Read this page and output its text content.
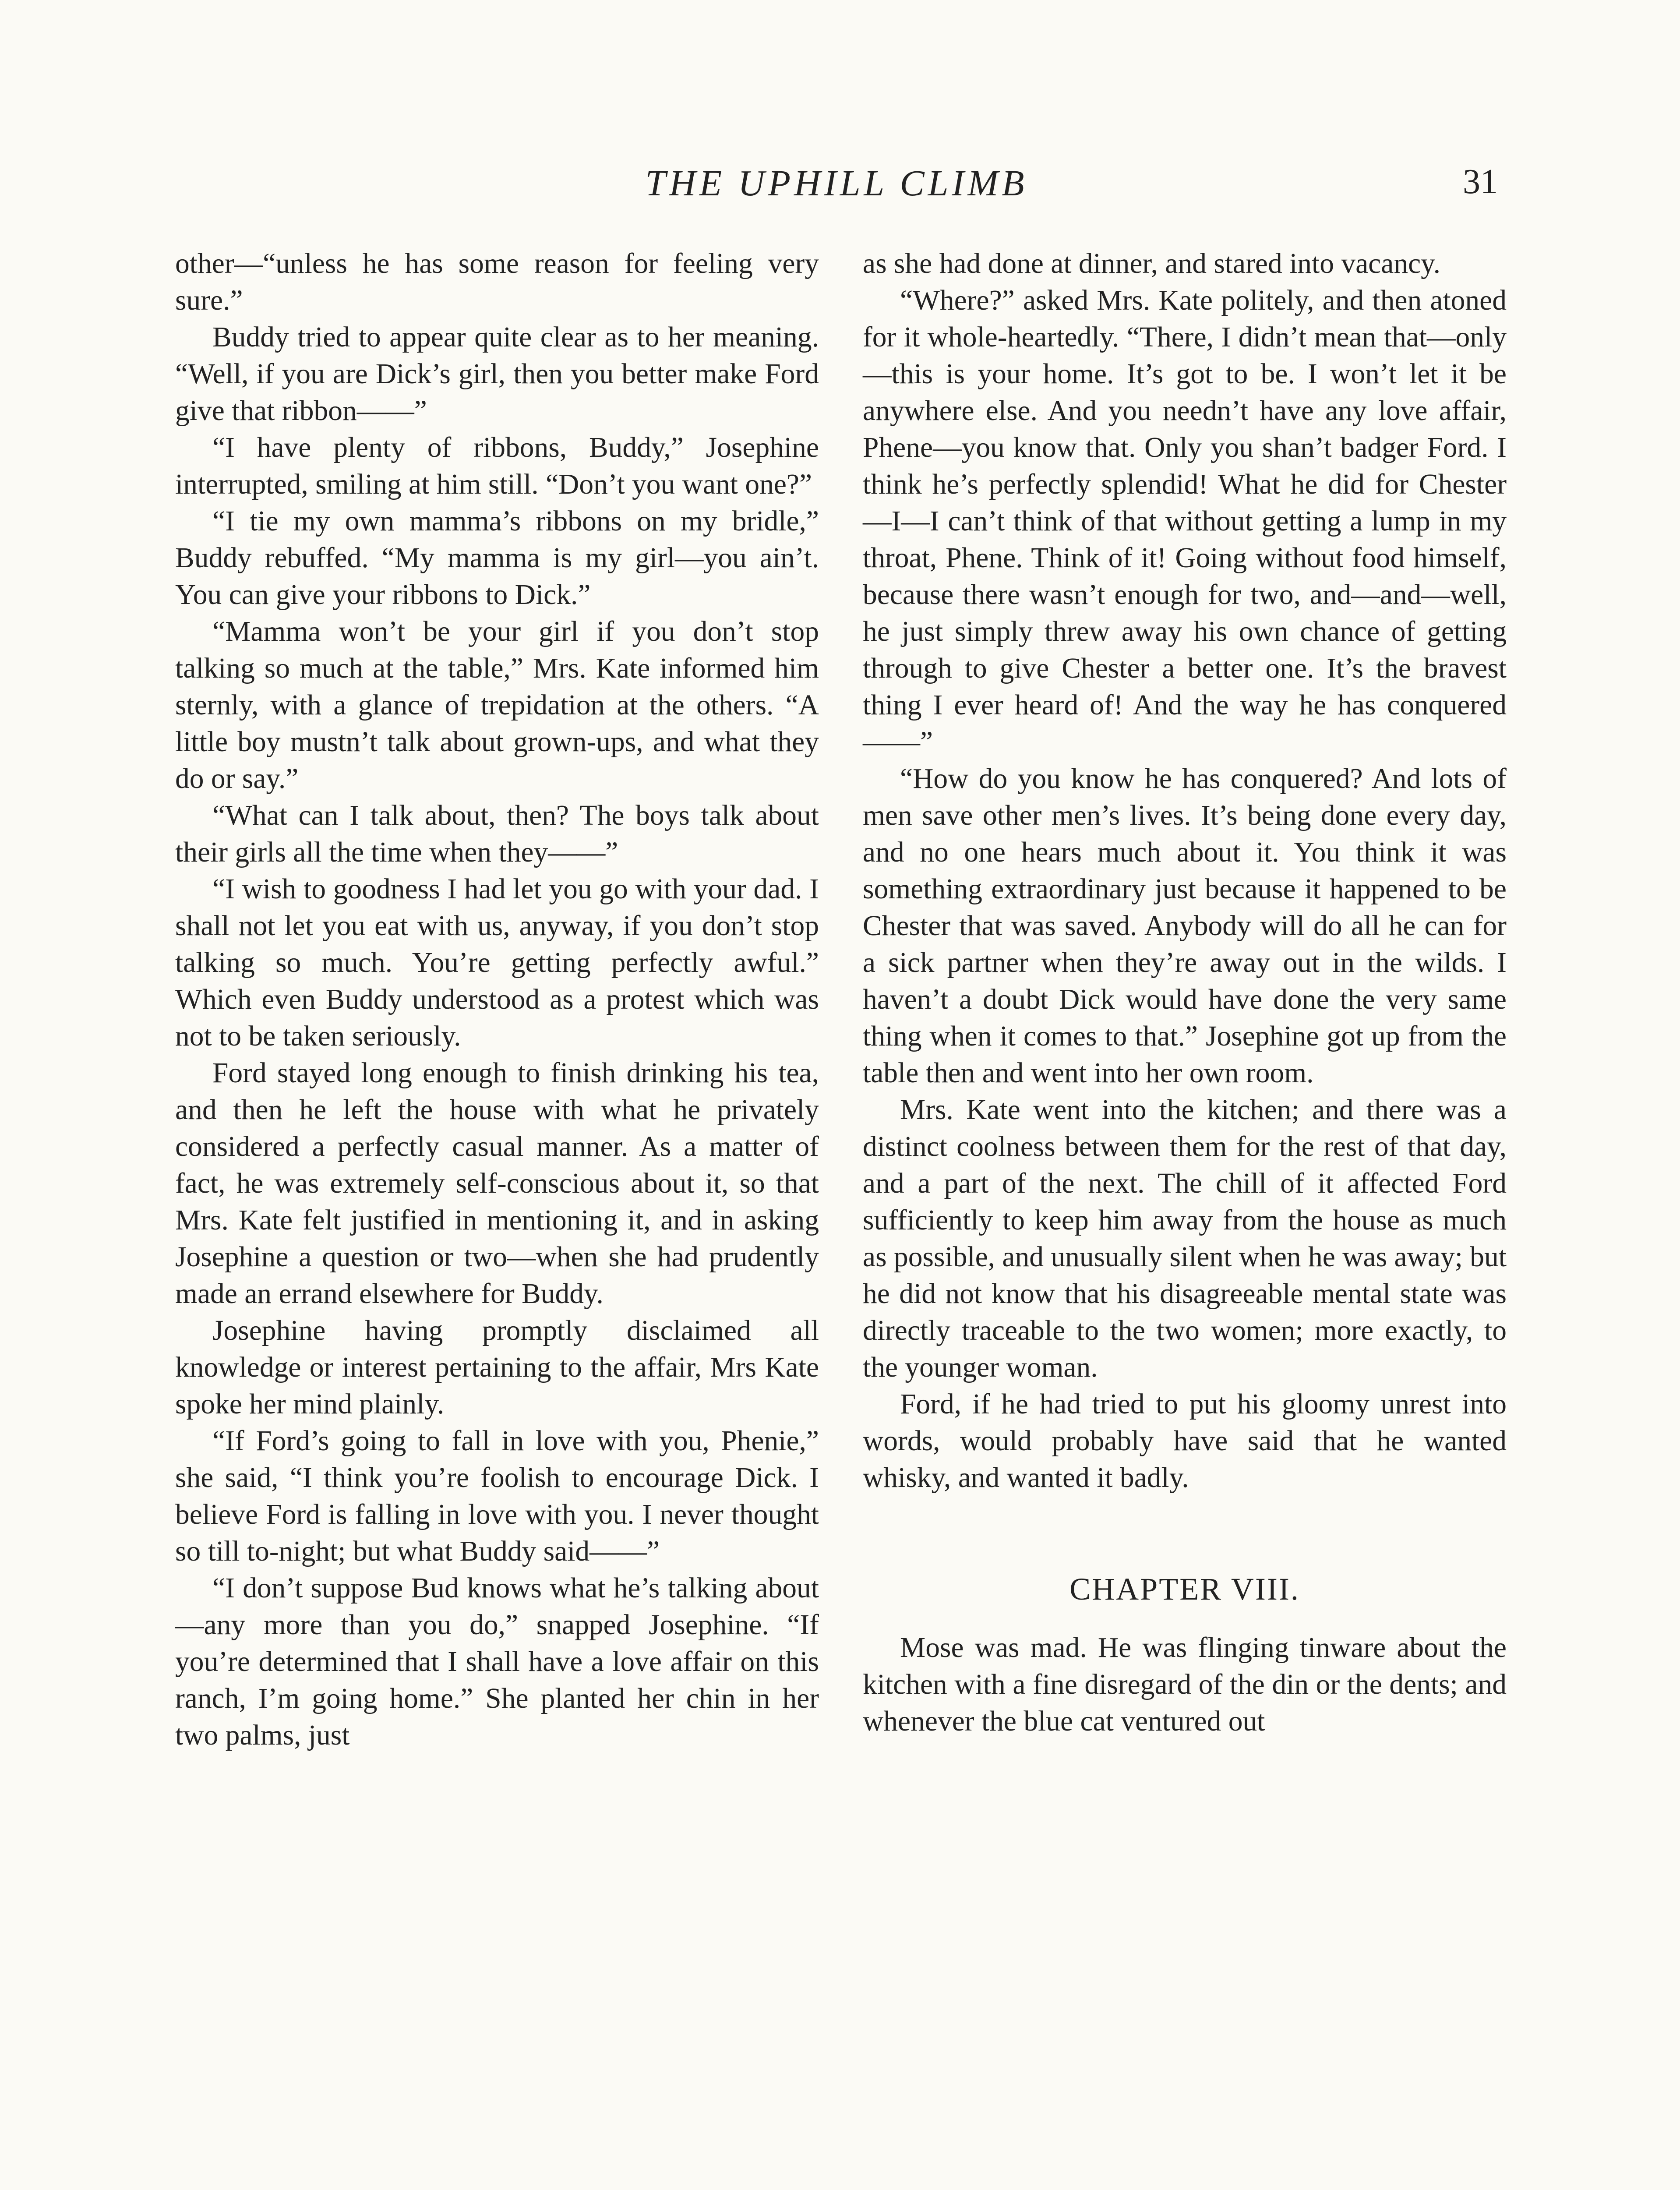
THE UPHILL CLIMB	31

other—“unless he has some reason for feeling very sure.”

Buddy tried to appear quite clear as to her meaning. “Well, if you are Dick’s girl, then you better make Ford give that ribbon——”

“I have plenty of ribbons, Buddy,” Josephine interrupted, smiling at him still. “Don’t you want one?”

“I tie my own mamma’s ribbons on my bridle,” Buddy rebuffed. “My mamma is my girl—you ain’t. You can give your ribbons to Dick.”

“Mamma won’t be your girl if you don’t stop talking so much at the table,” Mrs. Kate informed him sternly, with a glance of trepidation at the others. “A little boy mustn’t talk about grown-ups, and what they do or say.”

“What can I talk about, then? The boys talk about their girls all the time when they——”

“I wish to goodness I had let you go with your dad. I shall not let you eat with us, anyway, if you don’t stop talking so much. You’re getting perfectly awful.” Which even Buddy understood as a protest which was not to be taken seriously.

Ford stayed long enough to finish drinking his tea, and then he left the house with what he privately considered a perfectly casual manner. As a matter of fact, he was extremely self-conscious about it, so that Mrs. Kate felt justified in mentioning it, and in asking Josephine a question or two—when she had prudently made an errand elsewhere for Buddy.

Josephine having promptly disclaimed all knowledge or interest pertaining to the affair, Mrs Kate spoke her mind plainly.

“If Ford’s going to fall in love with you, Phenie,” she said, “I think you’re foolish to encourage Dick. I believe Ford is falling in love with you. I never thought so till to-night; but what Buddy said——”

“I don’t suppose Bud knows what he’s talking about—any more than you do,” snapped Josephine. “If you’re determined that I shall have a love affair on this ranch, I’m going home.” She planted her chin in her two palms, just

as she had done at dinner, and stared into vacancy.

“Where?” asked Mrs. Kate politely, and then atoned for it whole-heartedly. “There, I didn’t mean that—only—this is your home. It’s got to be. I won’t let it be anywhere else. And you needn’t have any love affair, Phene—you know that. Only you shan’t badger Ford. I think he’s perfectly splendid! What he did for Chester—I—I can’t think of that without getting a lump in my throat, Phene. Think of it! Going without food himself, because there wasn’t enough for two, and—and—well, he just simply threw away his own chance of getting through to give Chester a better one. It’s the bravest thing I ever heard of! And the way he has conquered——”

“How do you know he has conquered? And lots of men save other men’s lives. It’s being done every day, and no one hears much about it. You think it was something extraordinary just because it happened to be Chester that was saved. Anybody will do all he can for a sick partner when they’re away out in the wilds. I haven’t a doubt Dick would have done the very same thing when it comes to that.” Josephine got up from the table then and went into her own room.

Mrs. Kate went into the kitchen; and there was a distinct coolness between them for the rest of that day, and a part of the next. The chill of it affected Ford sufficiently to keep him away from the house as much as possible, and unusually silent when he was away; but he did not know that his disagreeable mental state was directly traceable to the two women; more exactly, to the younger woman.

Ford, if he had tried to put his gloomy unrest into words, would probably have said that he wanted whisky, and wanted it badly.

CHAPTER VIII.

Mose was mad. He was flinging tinware about the kitchen with a fine disregard of the din or the dents; and whenever the blue cat ventured out
